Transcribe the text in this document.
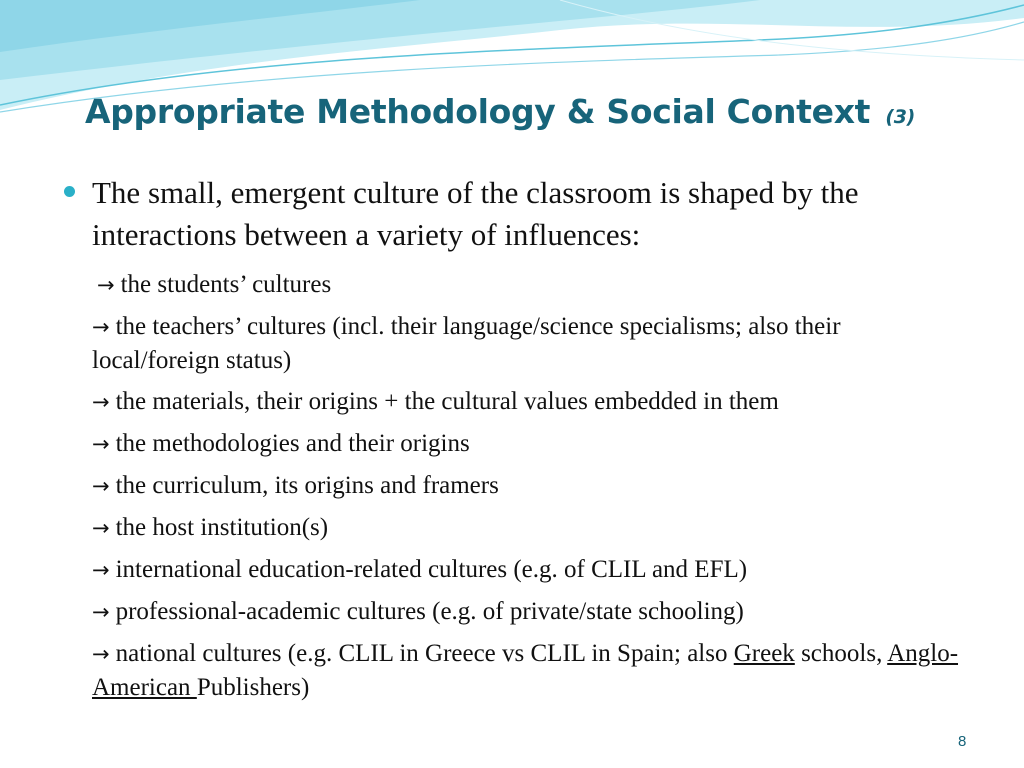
Appropriate Methodology & Social Context (3)
The small, emergent culture of the classroom is shaped by the interactions between a variety of influences:
→ the students’ cultures
→ the teachers’ cultures (incl. their language/science specialisms; also their local/foreign status)
→ the materials, their origins + the cultural values embedded in them
→ the methodologies and their origins
→ the curriculum, its origins and framers
→ the host institution(s)
→ international education-related cultures (e.g. of CLIL and EFL)
→ professional-academic cultures (e.g. of private/state schooling)
→ national cultures (e.g. CLIL in Greece vs CLIL in Spain; also Greek schools, Anglo-American Publishers)
8
